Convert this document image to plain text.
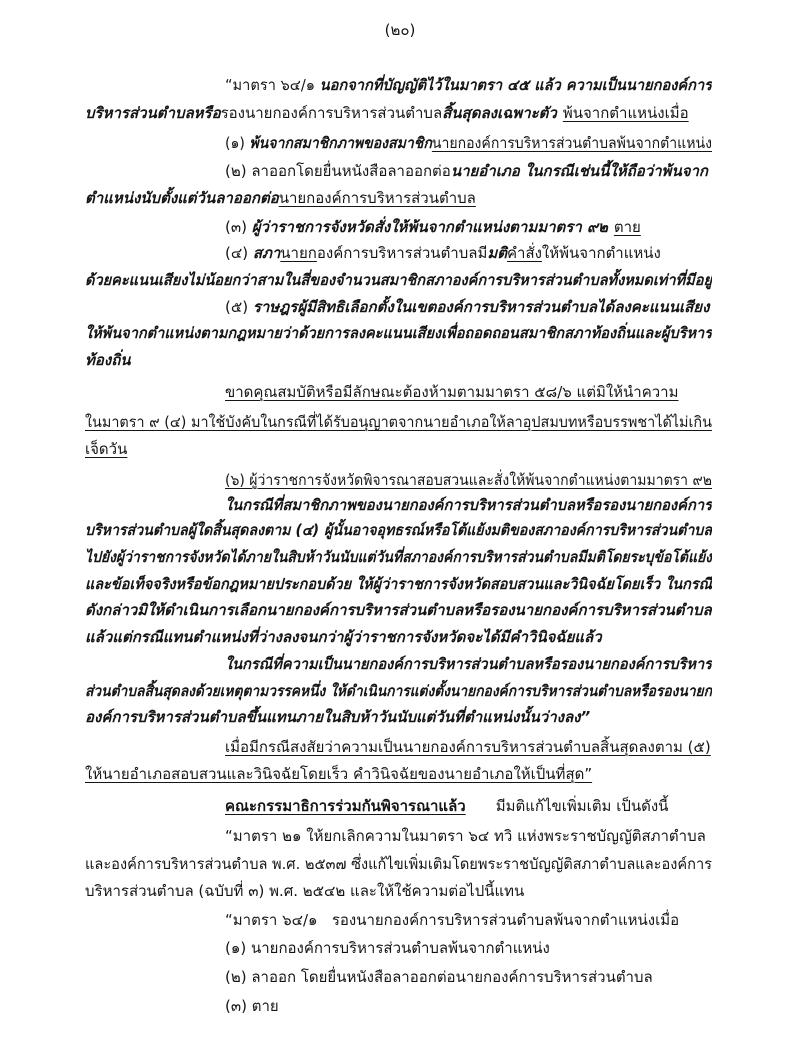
(๒๐)
“มาตรา ๖๔/๑ นอกจากที่บัญญัติไว้ในมาตรา ๔๕ แล้ว ความเป็นนายกองค์การ
บริหารส่วนตำบลหรือรองนายกองค์การบริหารส่วนตำบลสิ้นสุดลงเฉพาะตัว พ้นจากตำแหน่งเมื่อ
(๑) พ้นจากสมาชิกภาพของสมาชิกนายกองค์การบริหารส่วนตำบลพ้นจากตำแหน่ง
(๒) ลาออกโดยยื่นหนังสือลาออกต่อนายอำเภอ ในกรณีเช่นนี้ให้ถือว่าพ้นจาก
ตำแหน่งนับตั้งแต่วันลาออกต่อนายกองค์การบริหารส่วนตำบล
(๓) ผู้ว่าราชการจังหวัดสั่งให้พ้นจากตำแหน่งตามมาตรา ๙๒ ตาย
(๔) สภานายกองค์การบริหารส่วนตำบลมีมติคำสั่งให้พ้นจากตำแหน่ง
ด้วยคะแนนเสียงไม่น้อยกว่าสามในสี่ของจำนวนสมาชิกสภาองค์การบริหารส่วนตำบลทั้งหมดเท่าที่มีอยู่
(๕) ราษฎรผู้มีสิทธิเลือกตั้งในเขตองค์การบริหารส่วนตำบลได้ลงคะแนนเสียง
ให้พ้นจากตำแหน่งตามกฎหมายว่าด้วยการลงคะแนนเสียงเพื่อถอดถอนสมาชิกสภาท้องถิ่นและผู้บริหาร
ท้องถิ่น
ขาดคุณสมบัติหรือมีลักษณะต้องห้ามตามมาตรา ๕๘/๖ แต่มิให้นำความ
ในมาตรา ๙ (๔) มาใช้บังคับในกรณีที่ได้รับอนุญาตจากนายอำเภอให้ลาอุปสมบทหรือบรรพชาได้ไม่เกิน
เจ็ดวัน
(๖) ผู้ว่าราชการจังหวัดพิจารณาสอบสวนและสั่งให้พ้นจากตำแหน่งตามมาตรา ๙๒
ในกรณีที่สมาชิกภาพของนายกองค์การบริหารส่วนตำบลหรือรองนายกองค์การ
บริหารส่วนตำบลผู้ใดสิ้นสุดลงตาม (๔) ผู้นั้นอาจอุทธรณ์หรือโต้แย้งมติของสภาองค์การบริหารส่วนตำบล
ไปยังผู้ว่าราชการจังหวัดได้ภายในสิบห้าวันนับแต่วันที่สภาองค์การบริหารส่วนตำบลมีมติโดยระบุข้อโต้แย้ง
และข้อเท็จจริงหรือข้อกฎหมายประกอบด้วย ให้ผู้ว่าราชการจังหวัดสอบสวนและวินิจฉัยโดยเร็ว ในกรณี
ดังกล่าวมิให้ดำเนินการเลือกนายกองค์การบริหารส่วนตำบลหรือรองนายกองค์การบริหารส่วนตำบล
แล้วแต่กรณีแทนตำแหน่งที่ว่างลงจนกว่าผู้ว่าราชการจังหวัดจะได้มีคำวินิจฉัยแล้ว
ในกรณีที่ความเป็นนายกองค์การบริหารส่วนตำบลหรือรองนายกองค์การบริหาร
ส่วนตำบลสิ้นสุดลงด้วยเหตุตามวรรคหนึ่ง ให้ดำเนินการแต่งตั้งนายกองค์การบริหารส่วนตำบลหรือรองนายก
องค์การบริหารส่วนตำบลขึ้นแทนภายในสิบห้าวันนับแต่วันที่ตำแหน่งนั้นว่างลง”
เมื่อมีกรณีสงสัยว่าความเป็นนายกองค์การบริหารส่วนตำบลสิ้นสุดลงตาม (๕)
ให้นายอำเภอสอบสวนและวินิจฉัยโดยเร็ว คำวินิจฉัยของนายอำเภอให้เป็นที่สุด”
คณะกรรมาธิการร่วมกันพิจารณาแล้ว มีมติแก้ไขเพิ่มเติม เป็นดังนี้
“มาตรา ๒๑ ให้ยกเลิกความในมาตรา ๖๔ ทวิ แห่งพระราชบัญญัติสภาตำบล
และองค์การบริหารส่วนตำบล พ.ศ. ๒๕๓๗ ซึ่งแก้ไขเพิ่มเติมโดยพระราชบัญญัติสภาตำบลและองค์การ
บริหารส่วนตำบล (ฉบับที่ ๓) พ.ศ. ๒๕๔๒ และให้ใช้ความต่อไปนี้แทน
“มาตรา ๖๔/๑   รองนายกองค์การบริหารส่วนตำบลพ้นจากตำแหน่งเมื่อ
(๑) นายกองค์การบริหารส่วนตำบลพ้นจากตำแหน่ง
(๒) ลาออก โดยยื่นหนังสือลาออกต่อนายกองค์การบริหารส่วนตำบล
(๓) ตาย
